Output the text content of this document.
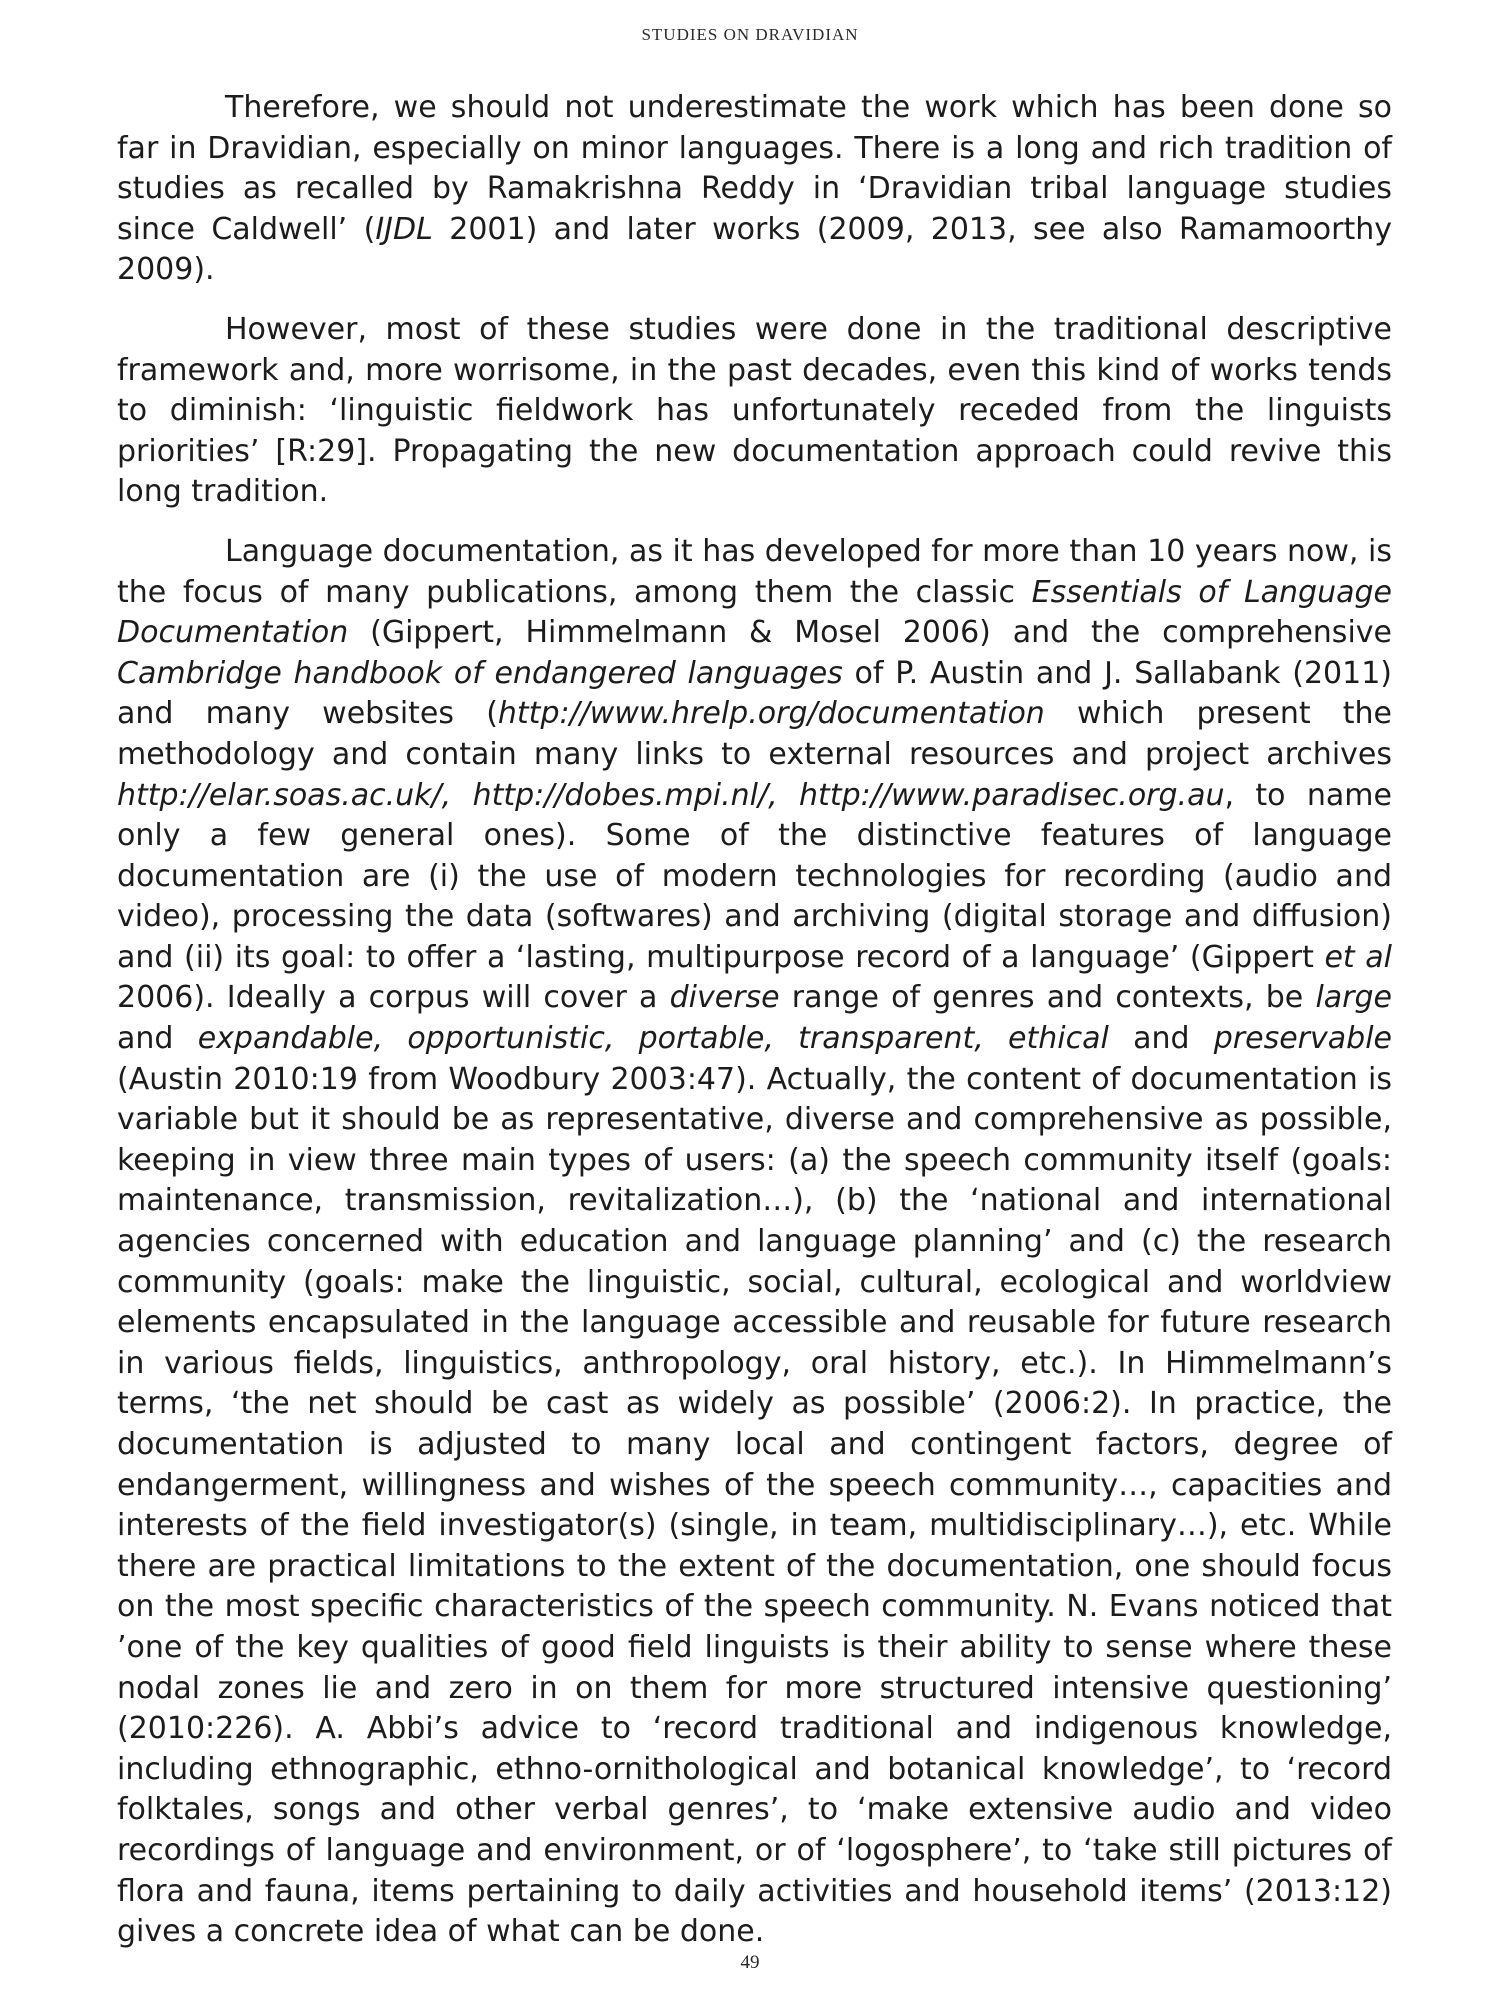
STUDIES ON DRAVIDIAN

Therefore, we should not underestimate the work which has been done so far in Dravidian, especially on minor languages. There is a long and rich tradition of studies as recalled by Ramakrishna Reddy in ‘Dravidian tribal language studies since Caldwell’ (IJDL 2001) and later works (2009, 2013, see also Ramamoorthy 2009).

However, most of these studies were done in the traditional descriptive framework and, more worrisome, in the past decades, even this kind of works tends to diminish: ‘linguistic fieldwork has unfortunately receded from the linguists priorities’ [R:29]. Propagating the new documentation approach could revive this long tradition.

Language documentation, as it has developed for more than 10 years now, is the focus of many publications, among them the classic Essentials of Language Documentation (Gippert, Himmelmann & Mosel 2006) and the comprehensive Cambridge handbook of endangered languages of P. Austin and J. Sallabank (2011) and many websites (http://www.hrelp.org/documentation which present the methodology and contain many links to external resources and project archives http://elar.soas.ac.uk/, http://dobes.mpi.nl/, http://www.paradisec.org.au, to name only a few general ones). Some of the distinctive features of language documentation are (i) the use of modern technologies for recording (audio and video), processing the data (softwares) and archiving (digital storage and diffusion) and (ii) its goal: to offer a ‘lasting, multipurpose record of a language’ (Gippert et al 2006). Ideally a corpus will cover a diverse range of genres and contexts, be large and expandable, opportunistic, portable, transparent, ethical and preservable (Austin 2010:19 from Woodbury 2003:47). Actually, the content of documentation is variable but it should be as representative, diverse and comprehensive as possible, keeping in view three main types of users: (a) the speech community itself (goals: maintenance, transmission, revitalization…), (b) the ‘national and international agencies concerned with education and language planning’ and (c) the research community (goals: make the linguistic, social, cultural, ecological and worldview elements encapsulated in the language accessible and reusable for future research in various fields, linguistics, anthropology, oral history, etc.). In Himmelmann’s terms, ‘the net should be cast as widely as possible’ (2006:2). In practice, the documentation is adjusted to many local and contingent factors, degree of endangerment, willingness and wishes of the speech community…, capacities and interests of the field investigator(s) (single, in team, multidisciplinary…), etc. While there are practical limitations to the extent of the documentation, one should focus on the most specific characteristics of the speech community. N. Evans noticed that ’one of the key qualities of good field linguists is their ability to sense where these nodal zones lie and zero in on them for more structured intensive questioning’ (2010:226). A. Abbi’s advice to ‘record traditional and indigenous knowledge, including ethnographic, ethno-ornithological and botanical knowledge’, to ‘record folktales, songs and other verbal genres’, to ‘make extensive audio and video recordings of language and environment, or of ‘logosphere’, to ‘take still pictures of flora and fauna, items pertaining to daily activities and household items’ (2013:12) gives a concrete idea of what can be done.

49
